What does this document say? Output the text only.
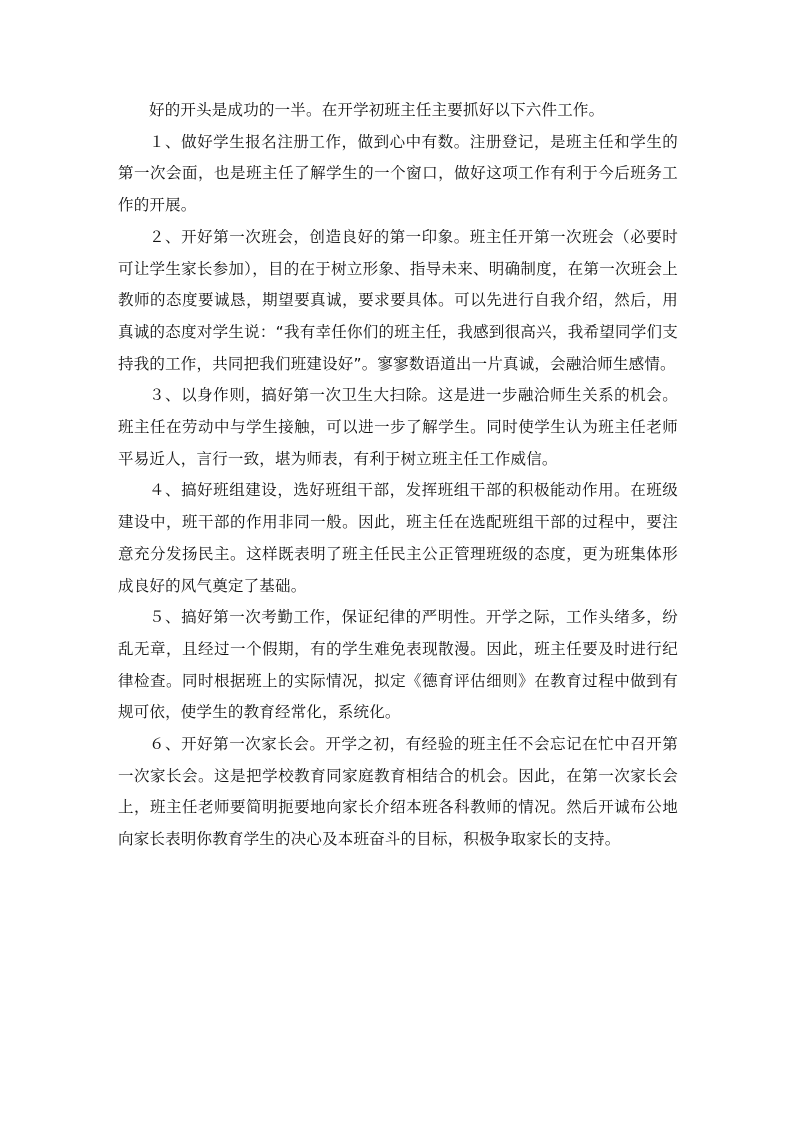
好的开头是成功的一半。在开学初班主任主要抓好以下六件工作。

１、做好学生报名注册工作，做到心中有数。注册登记，是班主任和学生的第一次会面，也是班主任了解学生的一个窗口，做好这项工作有利于今后班务工作的开展。

２、开好第一次班会，创造良好的第一印象。班主任开第一次班会（必要时可让学生家长参加），目的在于树立形象、指导未来、明确制度，在第一次班会上教师的态度要诚恳，期望要真诚，要求要具体。可以先进行自我介绍，然后，用真诚的态度对学生说：“我有幸任你们的班主任，我感到很高兴，我希望同学们支持我的工作，共同把我们班建设好”。寥寥数语道出一片真诚，会融洽师生感情。

３、以身作则，搞好第一次卫生大扫除。这是进一步融洽师生关系的机会。班主任在劳动中与学生接触，可以进一步了解学生。同时使学生认为班主任老师平易近人，言行一致，堪为师表，有利于树立班主任工作威信。

４、搞好班组建设，选好班组干部，发挥班组干部的积极能动作用。在班级建设中，班干部的作用非同一般。因此，班主任在选配班组干部的过程中，要注意充分发扬民主。这样既表明了班主任民主公正管理班级的态度，更为班集体形成良好的风气奠定了基础。

５、搞好第一次考勤工作，保证纪律的严明性。开学之际，工作头绪多，纷乱无章，且经过一个假期，有的学生难免表现散漫。因此，班主任要及时进行纪律检查。同时根据班上的实际情况，拟定《德育评估细则》在教育过程中做到有规可依，使学生的教育经常化，系统化。

６、开好第一次家长会。开学之初，有经验的班主任不会忘记在忙中召开第一次家长会。这是把学校教育同家庭教育相结合的机会。因此，在第一次家长会上，班主任老师要简明扼要地向家长介绍本班各科教师的情况。然后开诚布公地向家长表明你教育学生的决心及本班奋斗的目标，积极争取家长的支持。
